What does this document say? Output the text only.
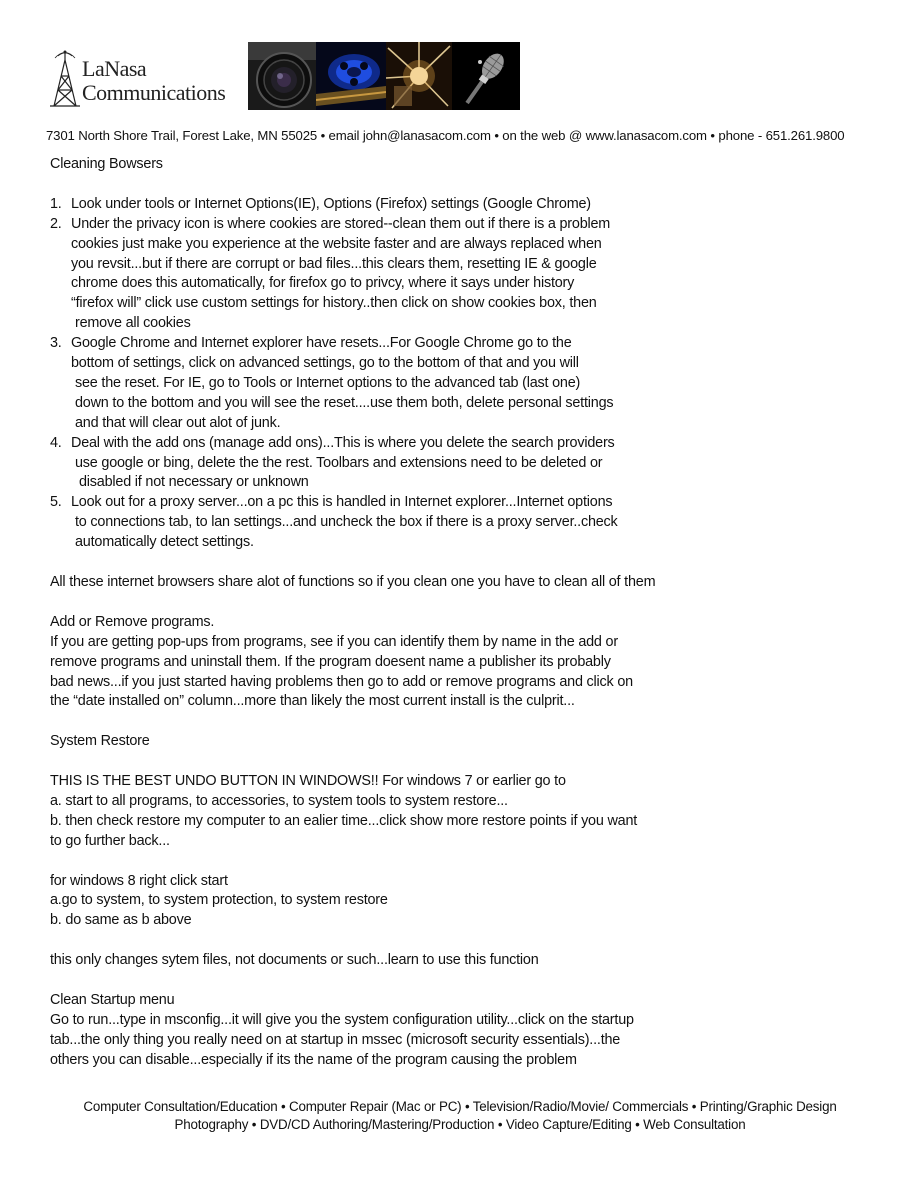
LaNasa
Communications
7301 North Shore Trail, Forest Lake, MN 55025 • email john@lanasacom.com • on the web @ www.lanasacom.com • phone - 651.261.9800

Cleaning Bowsers

1. Look under tools or Internet Options(IE), Options (Firefox) settings (Google Chrome)
2. Under the privacy icon is where cookies are stored--clean them out if there is a problem
cookies just make you experience at the website faster and are always replaced when
you revsit...but if there are corrupt or bad files...this clears them, resetting IE & google
chrome does this automatically, for firefox go to privcy, where it says under history
“firefox will” click use custom settings for history..then click on show cookies box, then
remove all cookies
3. Google Chrome and Internet explorer have resets...For Google Chrome go to the
bottom of settings, click on advanced settings, go to the bottom of that and you will
see the reset. For IE, go to Tools or Internet options to the advanced tab (last one)
down to the bottom and you will see the reset....use them both, delete personal settings
and that will clear out alot of junk.
4. Deal with the add ons (manage add ons)...This is where you delete the search providers
use google or bing, delete the the rest. Toolbars and extensions need to be deleted or
disabled if not necessary or unknown
5. Look out for a proxy server...on a pc this is handled in Internet explorer...Internet options
to connections tab, to lan settings...and uncheck the box if there is a proxy server..check
automatically detect settings.

All these internet browsers share alot of functions so if you clean one you have to clean all of them

Add or Remove programs.

If you are getting pop-ups from programs, see if you can identify them by name in the add or

remove programs and uninstall them. If the program doesent name a publisher its probably

bad news...if you just started having problems then go to add or remove programs and click on

the “date installed on” column...more than likely the most current install is the culprit...

System Restore

THIS IS THE BEST UNDO BUTTON IN WINDOWS!! For windows 7 or earlier go to

a. start to all programs, to accessories, to system tools to system restore...

b. then check restore my computer to an ealier time...click show more restore points if you want

to go further back...

for windows 8 right click start

a.go to system, to system protection, to system restore

b. do same as b above

this only changes sytem files, not documents or such...learn to use this function

Clean Startup menu

Go to run...type in msconfig...it will give you the system configuration utility...click on the startup

tab...the only thing you really need on at startup in mssec (microsoft security essentials)...the

others you can disable...especially if its the name of the program causing the problem

Computer Consultation/Education • Computer Repair (Mac or PC) • Television/Radio/Movie/ Commercials • Printing/Graphic Design
Photography • DVD/CD Authoring/Mastering/Production • Video Capture/Editing • Web Consultation
